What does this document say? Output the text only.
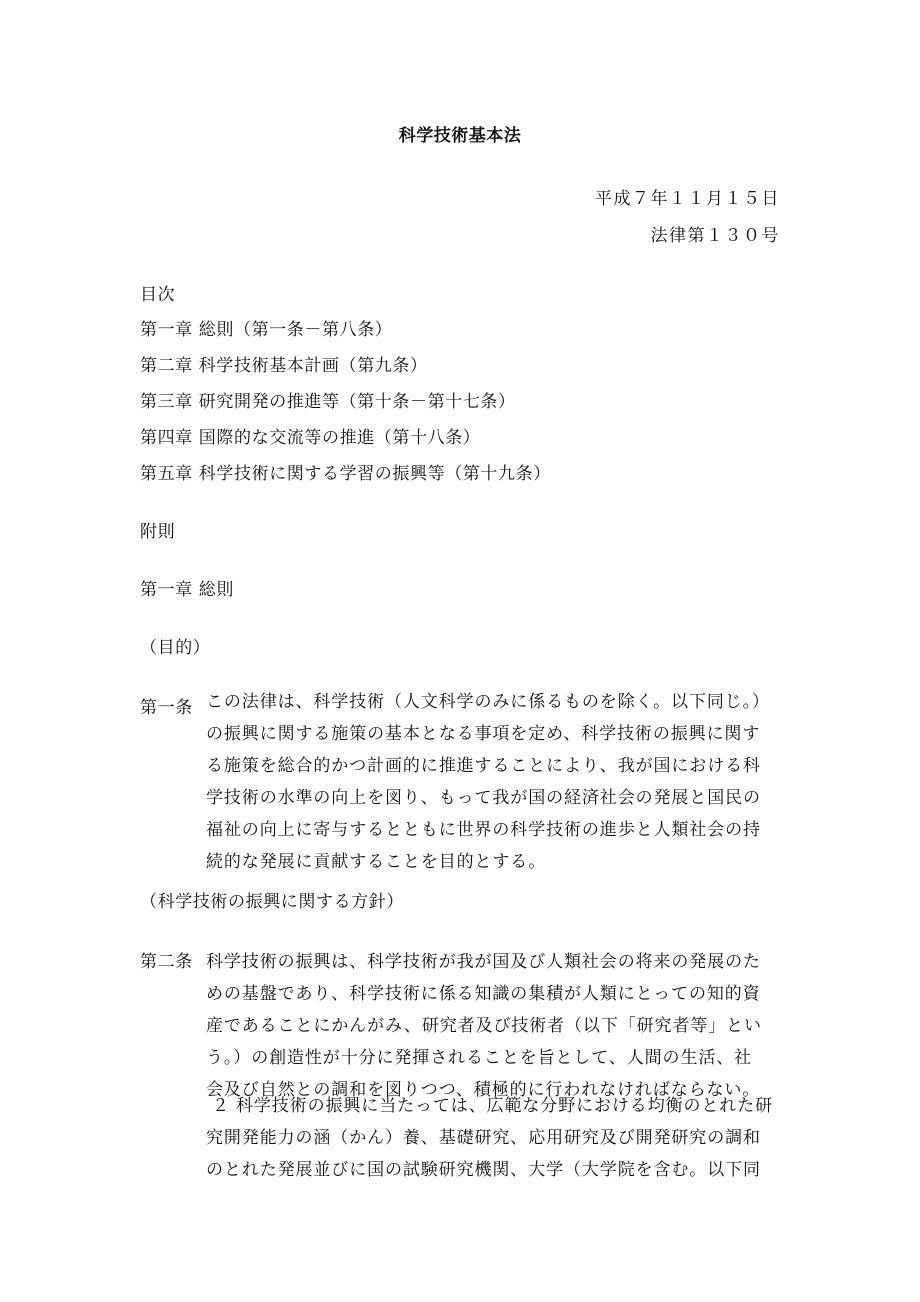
科学技術基本法
平成７年１１月１５日
法律第１３０号
目次
第一章 総則（第一条－第八条）
第二章 科学技術基本計画（第九条）
第三章 研究開発の推進等（第十条－第十七条）
第四章 国際的な交流等の推進（第十八条）
第五章 科学技術に関する学習の振興等（第十九条）
附則
第一章 総則
（目的）
第一条 この法律は、科学技術（人文科学のみに係るものを除く。以下同じ。）
の振興に関する施策の基本となる事項を定め、科学技術の振興に関す
る施策を総合的かつ計画的に推進することにより、我が国における科
学技術の水準の向上を図り、もって我が国の経済社会の発展と国民の
福祉の向上に寄与するとともに世界の科学技術の進歩と人類社会の持
続的な発展に貢献することを目的とする。
（科学技術の振興に関する方針）
第二条 科学技術の振興は、科学技術が我が国及び人類社会の将来の発展のた
めの基盤であり、科学技術に係る知識の集積が人類にとっての知的資
産であることにかんがみ、研究者及び技術者（以下「研究者等」とい
う。）の創造性が十分に発揮されることを旨として、人間の生活、社
会及び自然との調和を図りつつ、積極的に行われなければならない。
２ 科学技術の振興に当たっては、広範な分野における均衡のとれた研
究開発能力の涵（かん）養、基礎研究、応用研究及び開発研究の調和
のとれた発展並びに国の試験研究機関、大学（大学院を含む。以下同
